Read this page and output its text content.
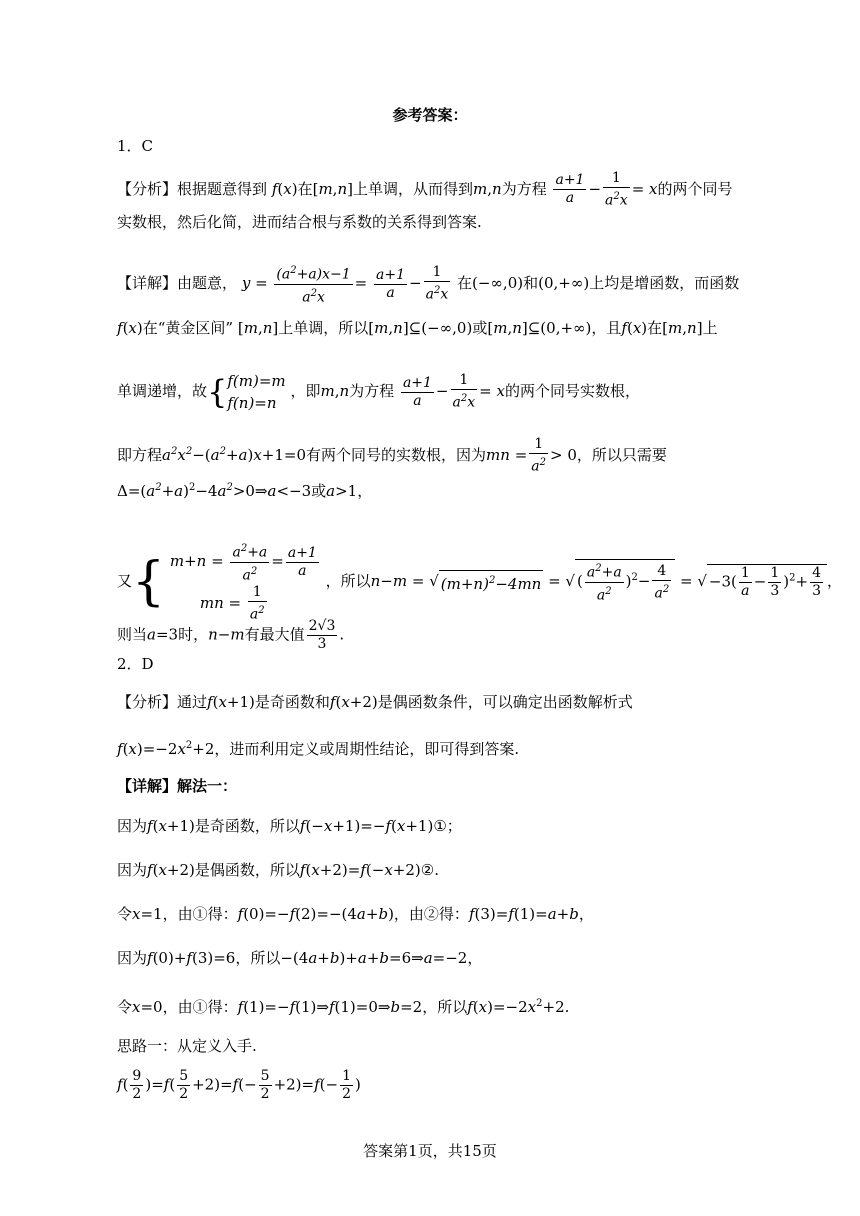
参考答案：
1．C
【分析】根据题意得到 f(x)在[m,n]上单调，从而得到m,n为方程 $\frac{a+1}{a} - \frac{1}{a^2x} = x$的两个同号
实数根，然后化简，进而结合根与系数的关系得到答案.
【详解】由题意， $y = \frac{(a^2+a)x-1}{a^2x} = \frac{a+1}{a} - \frac{1}{a^2x}$ 在(−∞,0)和(0,+∞)上均是增函数，而函数
f(x)在“黄金区间” [m,n]上单调，所以[m,n]⊆(−∞,0)或[m,n]⊆(0,+∞)，且f(x)在[m,n]上
单调递增，故{ f(m)=m
f(n)=n
，即m,n为方程 $\frac{a+1}{a} - \frac{1}{a^2x} = x$的两个同号实数根，
即方程$a^2x^2-(a^2+a)x+1=0$有两个同号的实数根，因为mn = $\frac{1}{a^2} > 0$，所以只需要
$\Delta=(a^2+a)^2-4a^2>0\Rightarrow a<-3$或a>1，
又{ $m+n = \frac{a^2+a}{a^2} = \frac{a+1}{a}$
mn = $\frac{1}{a^2}$
，所以n−m = √ $(m+n)^2-4mn$ = √ ( $\frac{a^2+a}{a^2} )^2- \frac{4}{a^2}$ = √ $-3( \frac{1}{a} - \frac{1}{3} )^2+ \frac{4}{3}$ ，
则当a=3时，n−m有最大值 $\frac{2√3}{3}$ .
2．D
【分析】通过f(x+1)是奇函数和f(x+2)是偶函数条件，可以确定出函数解析式
$f(x)=-2x^2+2$，进而利用定义或周期性结论，即可得到答案.
【详解】解法一：
因为f(x+1)是奇函数，所以f(−x+1)=−f(x+1)①；
因为f(x+2)是偶函数，所以f(x+2)=f(−x+2)②.
令x=1，由①得：f(0)=−f(2)=−(4a+b)，由②得：f(3)=f(1)=a+b，
因为f(0)+f(3)=6，所以−(4a+b)+a+b=6⇒a=−2，
令x=0，由①得：f(1)=−f(1)⇒f(1)=0⇒b=2，所以$f(x)=-2x^2+2$.
思路一：从定义入手.
$f( \frac{9}{2} )=f( \frac{5}{2} +2)=f(- \frac{5}{2} +2)=f(- \frac{1}{2}$ )
答案第1页，共15页
